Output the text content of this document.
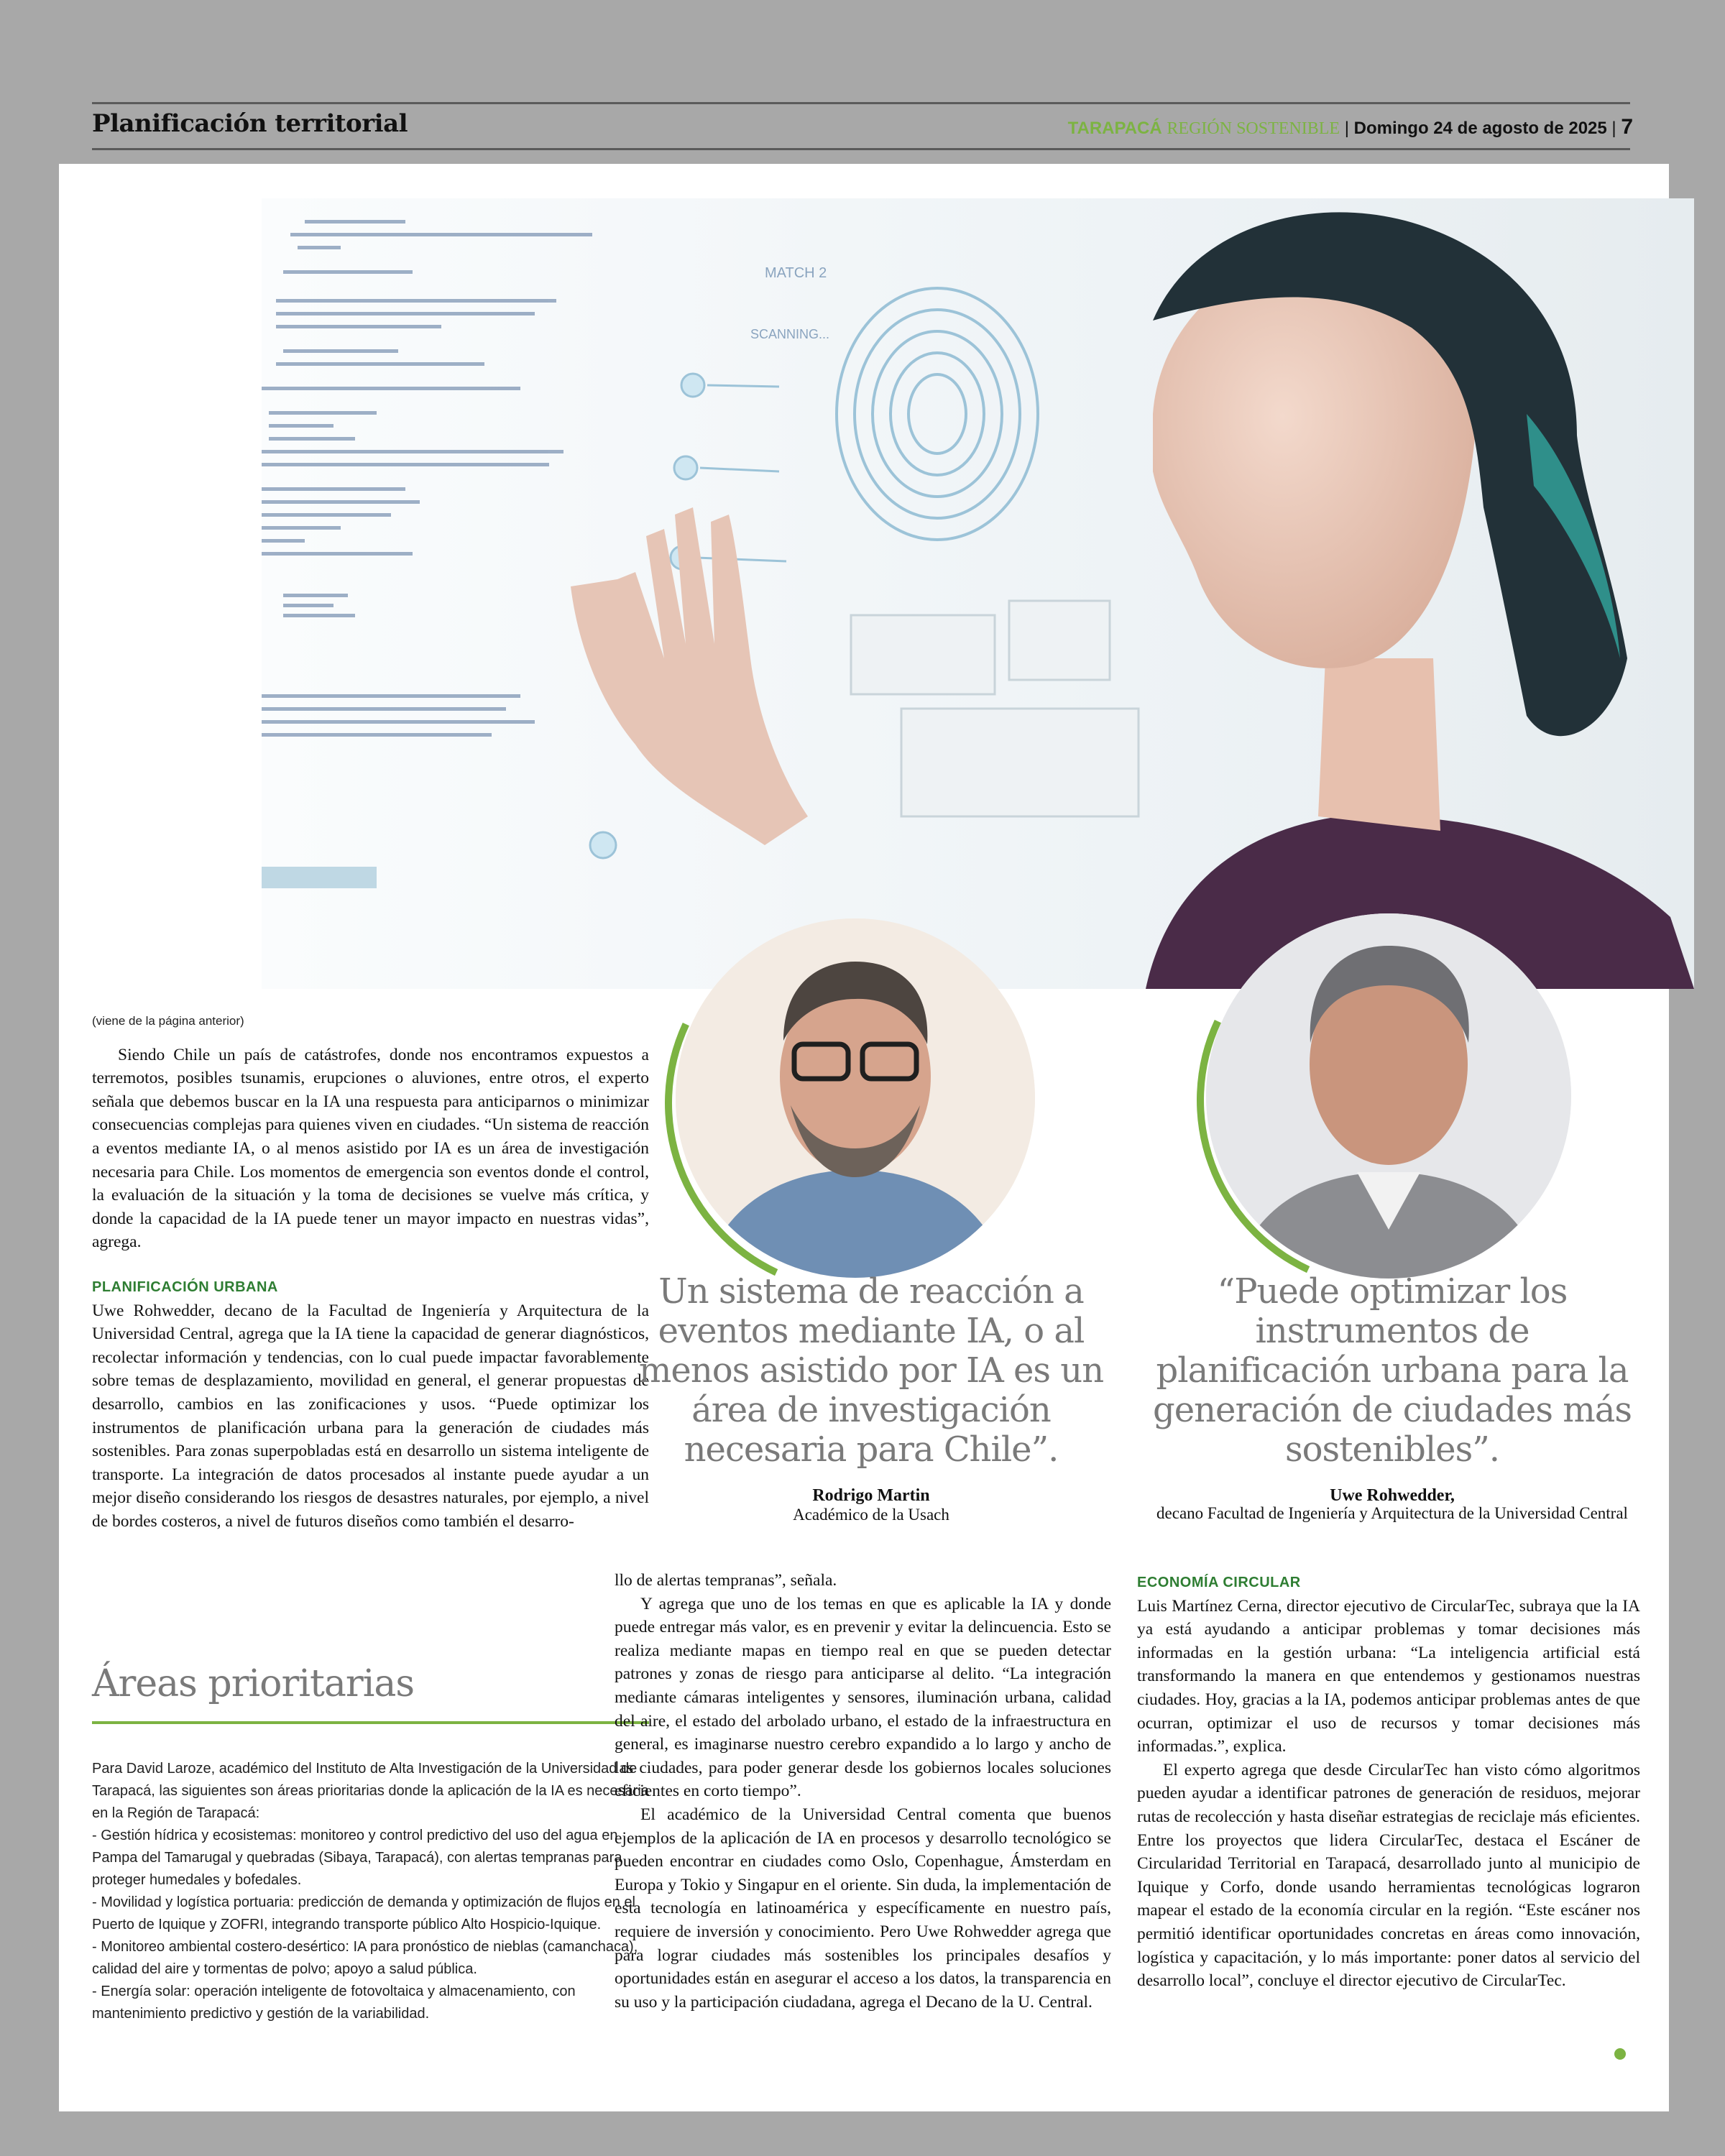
Planificación territorial	TARAPACÁ REGIÓN SOSTENIBLE | Domingo 24 de agosto de 2025 | 7
MATCH 2
SCANNING...

(viene de la página anterior)

Siendo Chile un país de catástrofes, donde nos encontramos expuestos a terremotos, posibles tsunamis, erupciones o aluviones, entre otros, el experto señala que debemos buscar en la IA una respuesta para anticiparnos o minimizar consecuencias complejas para quienes viven en ciudades. “Un sistema de reacción a eventos mediante IA, o al menos asistido por IA es un área de investigación necesaria para Chile. Los momentos de emergencia son eventos donde el control, la evaluación de la situación y la toma de decisiones se vuelve más crítica, y donde la capacidad de la IA puede tener un mayor impacto en nuestras vidas”, agrega.

PLANIFICACIÓN URBANA

Uwe Rohwedder, decano de la Facultad de Ingeniería y Arquitectura de la Universidad Central, agrega que la IA tiene la capacidad de generar diagnósticos, recolectar información y tendencias, con lo cual puede impactar favorablemente sobre temas de desplazamiento, movilidad en general, el generar propuestas de desarrollo, cambios en las zonificaciones y usos. “Puede optimizar los instrumentos de planificación urbana para la generación de ciudades más sostenibles. Para zonas superpobladas está en desarrollo un sistema inteligente de transporte. La integración de datos procesados al instante puede ayudar a un mejor diseño considerando los riesgos de desastres naturales, por ejemplo, a nivel de bordes costeros, a nivel de futuros diseños como también el desarro-

Áreas prioritarias

Para David Laroze, académico del Instituto de Alta Investigación de la Universidad de Tarapacá, las siguientes son áreas prioritarias donde la aplicación de la IA es necesaria en la Región de Tarapacá:

- Gestión hídrica y ecosistemas: monitoreo y control predictivo del uso del agua en Pampa del Tamarugal y quebradas (Sibaya, Tarapacá), con alertas tempranas para proteger humedales y bofedales.

- Movilidad y logística portuaria: predicción de demanda y optimización de flujos en el Puerto de Iquique y ZOFRI, integrando transporte público Alto Hospicio-Iquique.

- Monitoreo ambiental costero-desértico: IA para pronóstico de nieblas (camanchaca), calidad del aire y tormentas de polvo; apoyo a salud pública.

- Energía solar: operación inteligente de fotovoltaica y almacenamiento, con mantenimiento predictivo y gestión de la variabilidad.

Un sistema de reacción a eventos mediante IA, o al menos asistido por IA es un área de investigación necesaria para Chile”.
Rodrigo Martin
Académico de la Usach
“Puede optimizar los instrumentos de planificación urbana para la generación de ciudades más sostenibles”.
Uwe Rohwedder,
decano Facultad de Ingeniería y Arquitectura de la Universidad Central

llo de alertas tempranas”, señala.

Y agrega que uno de los temas en que es aplicable la IA y donde puede entregar más valor, es en prevenir y evitar la delincuencia. Esto se realiza mediante mapas en tiempo real en que se pueden detectar patrones y zonas de riesgo para anticiparse al delito. “La integración mediante cámaras inteligentes y sensores, iluminación urbana, calidad del aire, el estado del arbolado urbano, el estado de la infraestructura en general, es imaginarse nuestro cerebro expandido a lo largo y ancho de las ciudades, para poder generar desde los gobiernos locales soluciones eficientes en corto tiempo”.

El académico de la Universidad Central comenta que buenos ejemplos de la aplicación de IA en procesos y desarrollo tecnológico se pueden encontrar en ciudades como Oslo, Copenhague, Ámsterdam en Europa y Tokio y Singapur en el oriente. Sin duda, la implementación de esta tecnología en latinoamérica y específicamente en nuestro país, requiere de inversión y conocimiento. Pero Uwe Rohwedder agrega que para lograr ciudades más sostenibles los principales desafíos y oportunidades están en asegurar el acceso a los datos, la transparencia en su uso y la participación ciudadana, agrega el Decano de la U. Central.

ECONOMÍA CIRCULAR

Luis Martínez Cerna, director ejecutivo de CircularTec, subraya que la IA ya está ayudando a anticipar problemas y tomar decisiones más informadas en la gestión urbana: “La inteligencia artificial está transformando la manera en que entendemos y gestionamos nuestras ciudades. Hoy, gracias a la IA, podemos anticipar problemas antes de que ocurran, optimizar el uso de recursos y tomar decisiones más informadas.”, explica.

El experto agrega que desde CircularTec han visto cómo algoritmos pueden ayudar a identificar patrones de generación de residuos, mejorar rutas de recolección y hasta diseñar estrategias de reciclaje más eficientes. Entre los proyectos que lidera CircularTec, destaca el Escáner de Circularidad Territorial en Tarapacá, desarrollado junto al municipio de Iquique y Corfo, donde usando herramientas tecnológicas lograron mapear el estado de la economía circular en la región. “Este escáner nos permitió identificar oportunidades concretas en áreas como innovación, logística y capacitación, y lo más importante: poner datos al servicio del desarrollo local”, concluye el director ejecutivo de CircularTec.
